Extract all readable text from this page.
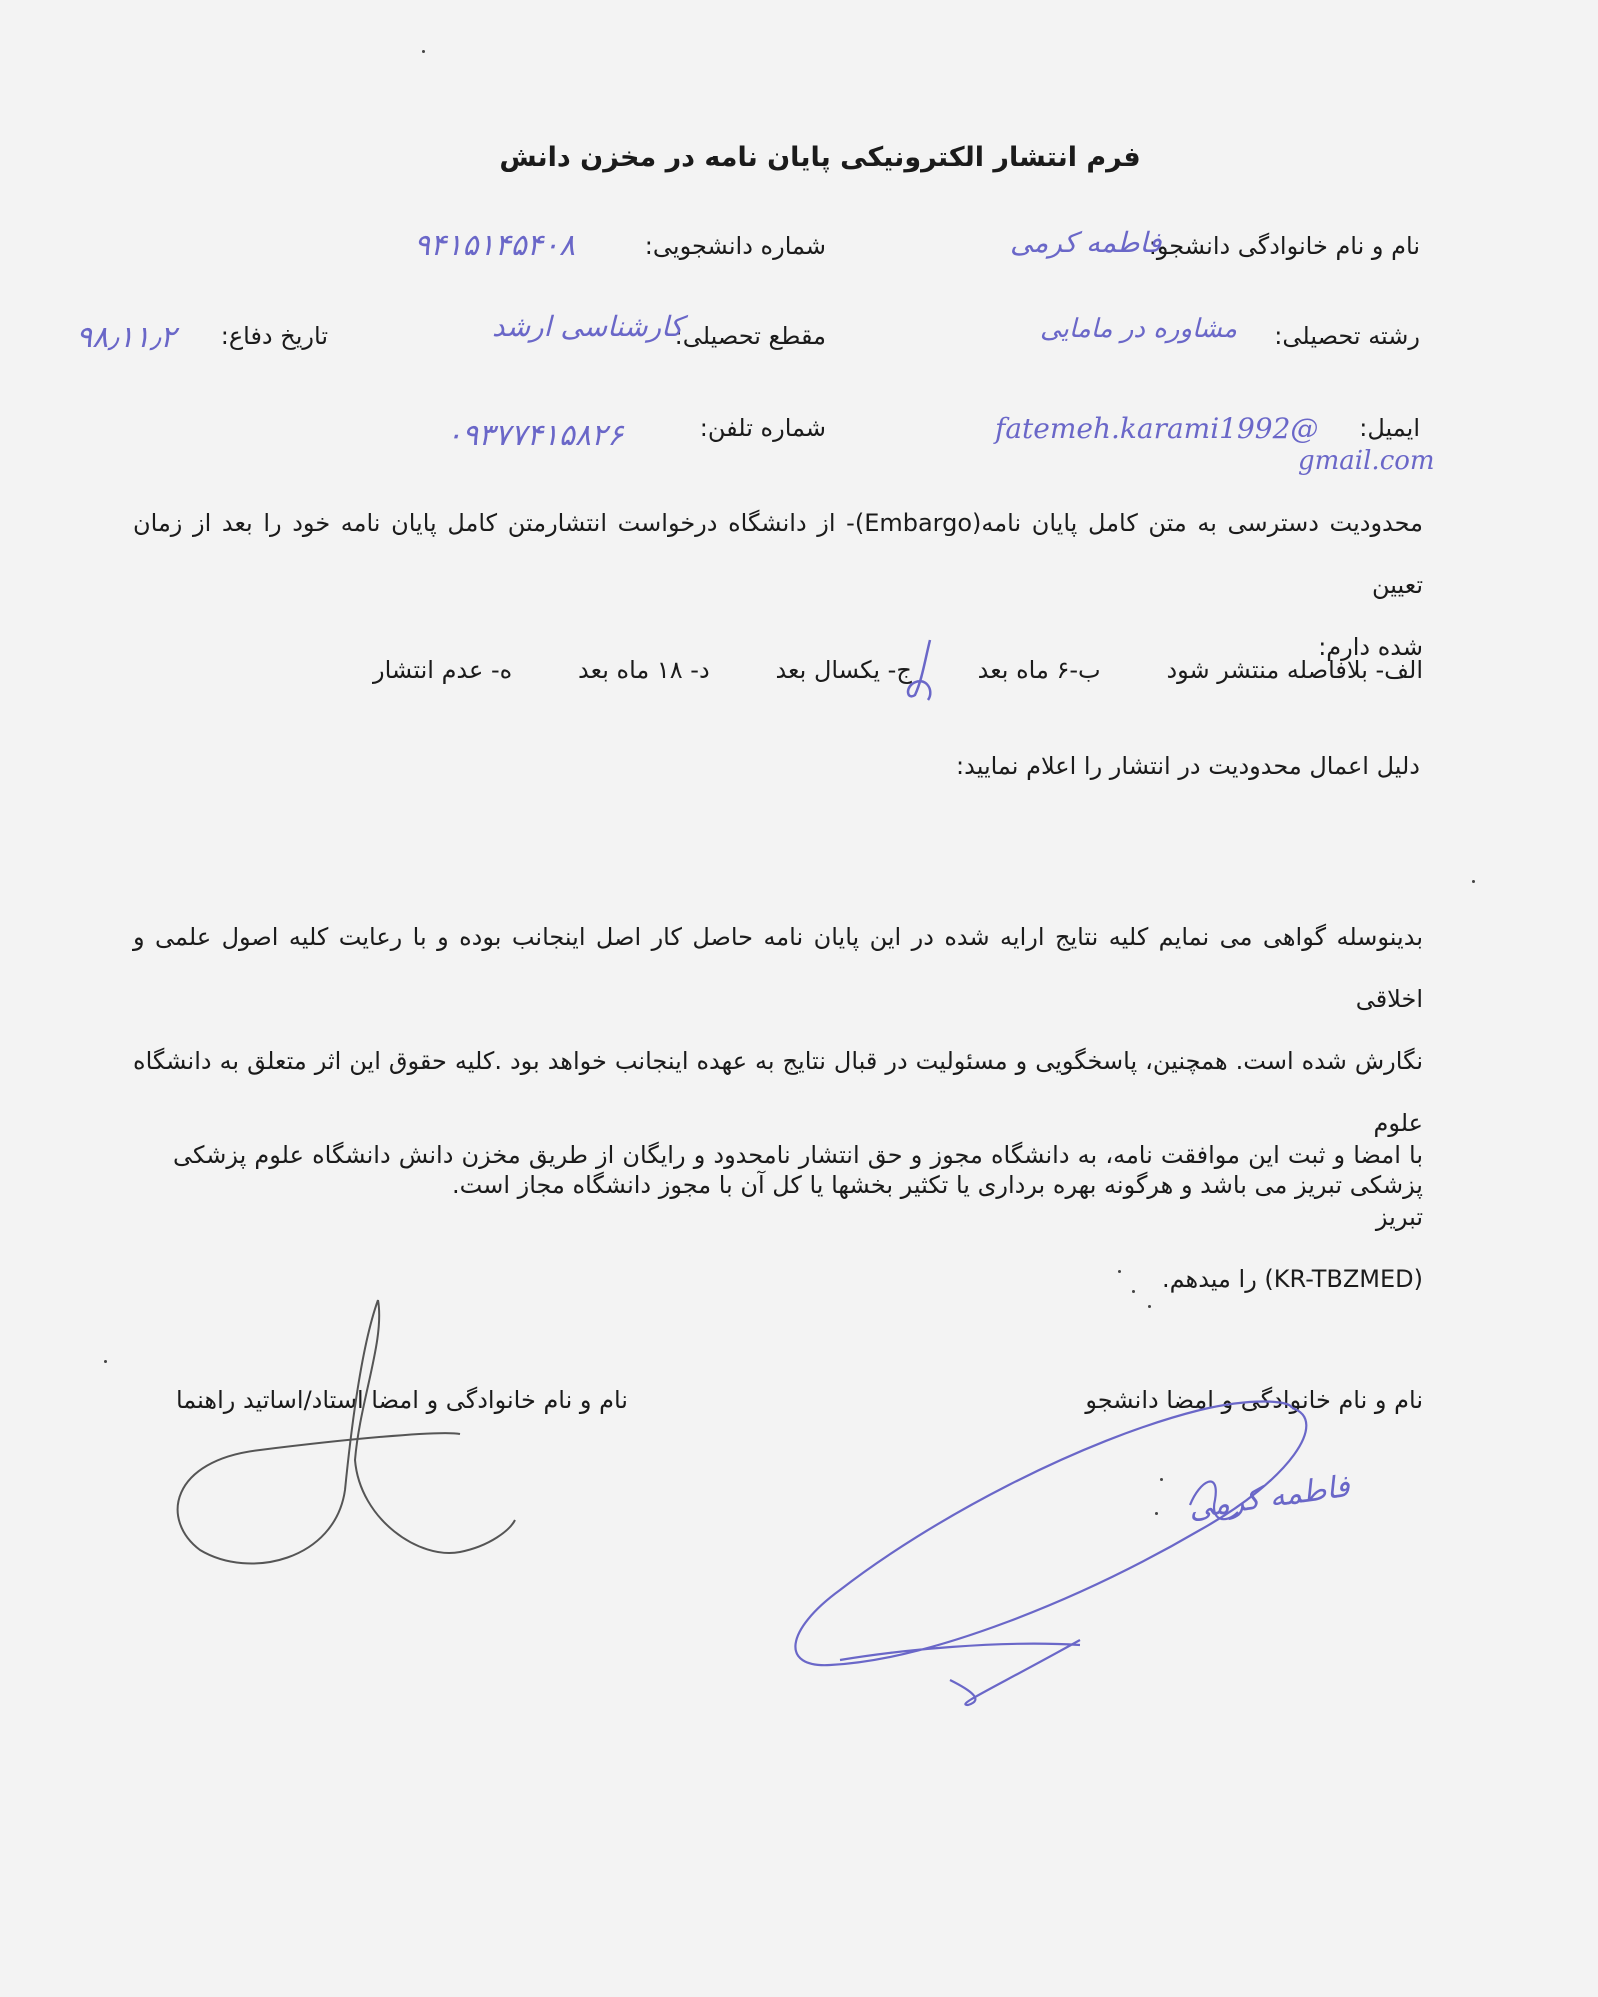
فرم انتشار الکترونیکی پایان نامه در مخزن دانش
نام و نام خانوادگی دانشجو:
فاطمه کرمی
شماره دانشجویی:
۹۴۱۵۱۴۵۴۰۸
رشته تحصیلی:
مشاوره در مامایی
مقطع تحصیلی:
کارشناسی ارشد
تاریخ دفاع:
۹۸٫۱۱٫۲
ایمیل:
fatemeh.karami1992@
gmail.com
شماره تلفن:
۰۹۳۷۷۴۱۵۸۲۶

محدودیت دسترسی به متن کامل پایان نامه(Embargo)- از دانشگاه درخواست انتشارمتن کامل پایان نامه خود را بعد از زمان تعیین

شده دارم:

الف- بلافاصله منتشر شود
ب-۶ ماه بعد
ج- یکسال بعد
د- ۱۸ ماه بعد
ه- عدم انتشار
دلیل اعمال محدودیت در انتشار را اعلام نمایید:

بدینوسله گواهی می نمایم کلیه نتایج ارایه شده در این پایان نامه حاصل کار اصل اینجانب بوده و با رعایت کلیه اصول علمی و اخلاقی

نگارش شده است. همچنین، پاسخگویی و مسئولیت در قبال نتایج به عهده اینجانب خواهد بود .کلیه حقوق این اثر متعلق به دانشگاه علوم

پزشکی تبریز می باشد و هرگونه بهره برداری یا تکثیر بخشها یا کل آن با مجوز دانشگاه مجاز است.

با امضا و ثبت این موافقت نامه، به دانشگاه مجوز و حق انتشار نامحدود و رایگان از طریق مخزن دانش دانشگاه علوم پزشکی تبریز

(KR-TBZMED) را میدهم.

نام و نام خانوادگی و امضا دانشجو
نام و نام خانوادگی و امضا استاد/اساتید راهنما
فاطمه کرمی
